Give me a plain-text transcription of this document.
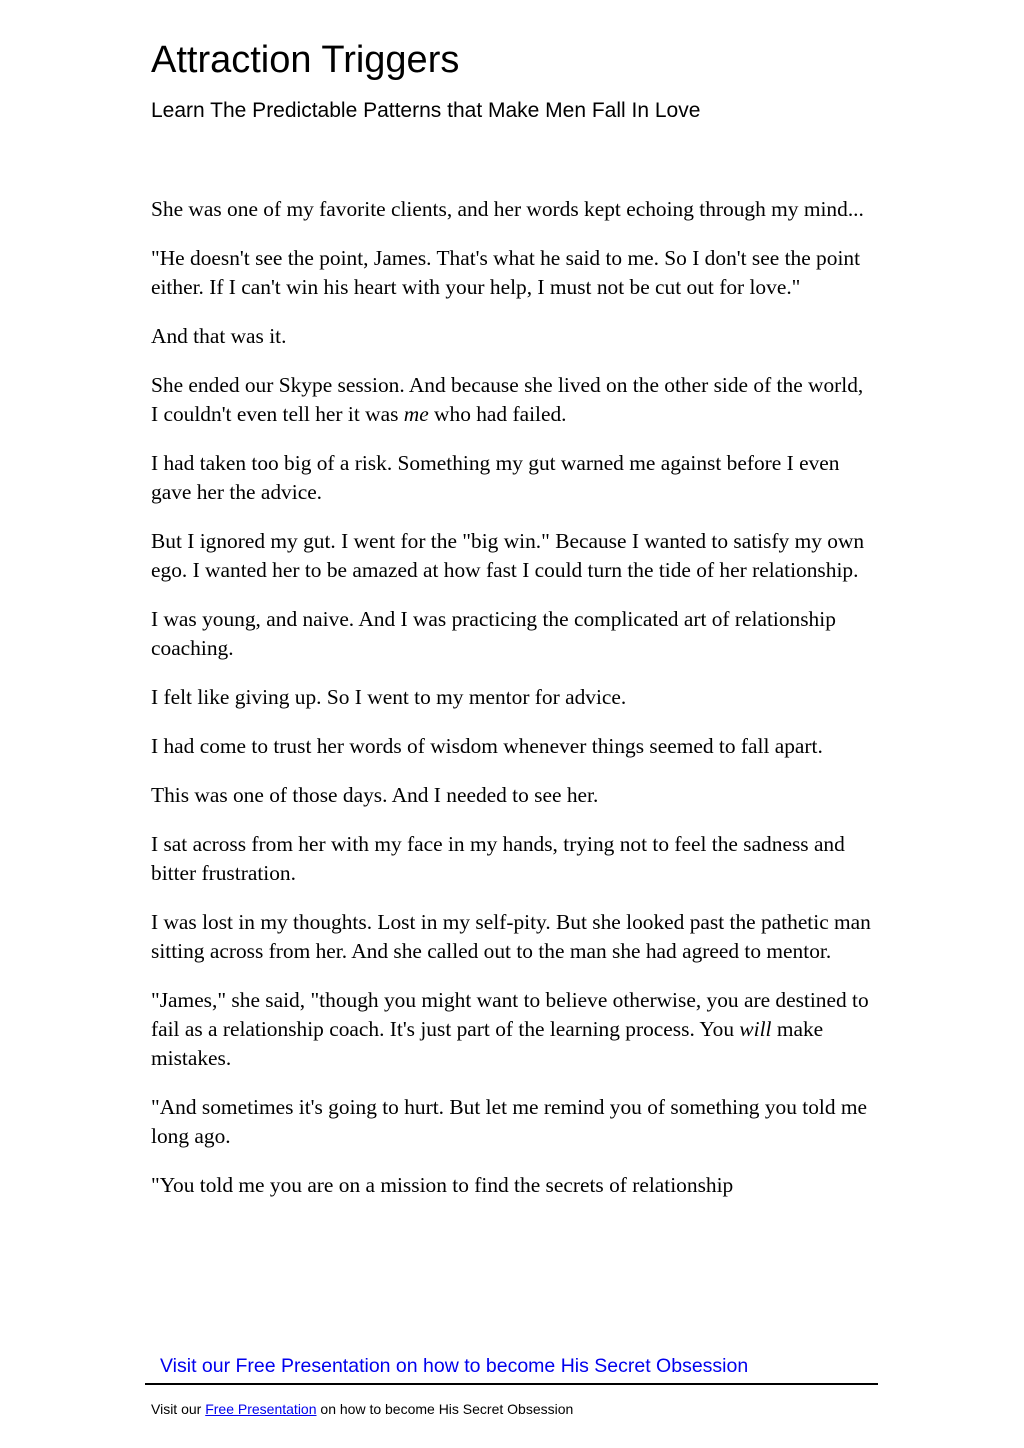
Attraction Triggers
Learn The Predictable Patterns that Make Men Fall In Love

She was one of my favorite clients, and her words kept echoing through my mind...

"He doesn't see the point, James. That's what he said to me. So I don't see the point either. If I can't win his heart with your help, I must not be cut out for love."

And that was it.

She ended our Skype session. And because she lived on the other side of the world, I couldn't even tell her it was me who had failed.

I had taken too big of a risk. Something my gut warned me against before I even gave her the advice.

But I ignored my gut. I went for the "big win." Because I wanted to satisfy my own ego. I wanted her to be amazed at how fast I could turn the tide of her relationship.

I was young, and naive. And I was practicing the complicated art of relationship coaching.

I felt like giving up. So I went to my mentor for advice.

I had come to trust her words of wisdom whenever things seemed to fall apart.

This was one of those days. And I needed to see her.

I sat across from her with my face in my hands, trying not to feel the sadness and bitter frustration.

I was lost in my thoughts. Lost in my self-pity. But she looked past the pathetic man sitting across from her. And she called out to the man she had agreed to mentor.

"James," she said, "though you might want to believe otherwise, you are destined to fail as a relationship coach. It's just part of the learning process. You will make mistakes.

"And sometimes it's going to hurt. But let me remind you of something you told me long ago.

"You told me you are on a mission to find the secrets of relationship

Visit our Free Presentation on how to become His Secret Obsession
Visit our Free Presentation on how to become His Secret Obsession
